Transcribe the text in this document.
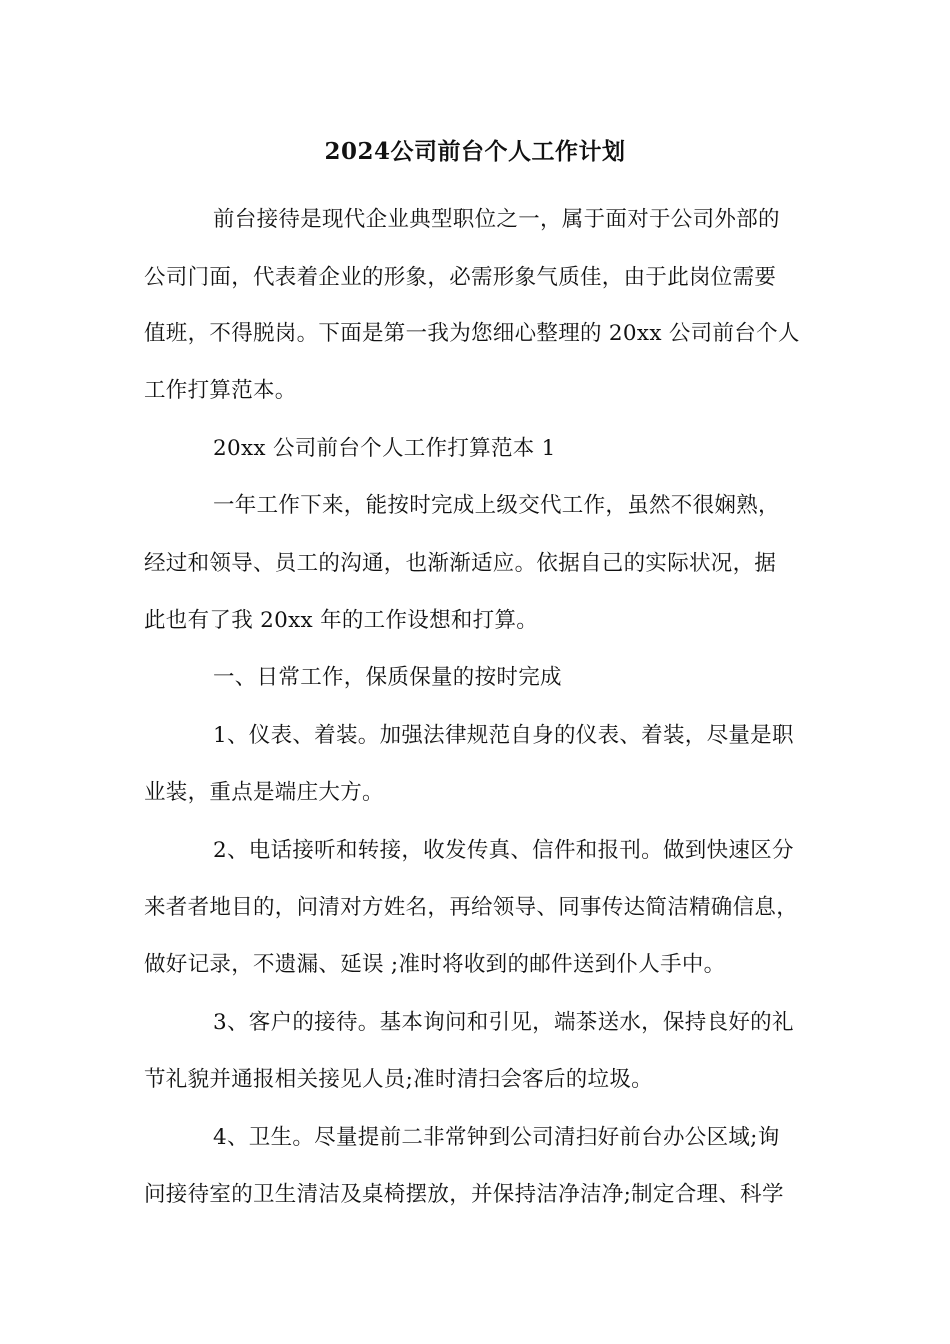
2024公司前台个人工作计划
前台接待是现代企业典型职位之一，属于面对于公司外部的
公司门面，代表着企业的形象，必需形象气质佳，由于此岗位需要
值班，不得脱岗。下面是第一我为您细心整理的 20xx 公司前台个人
工作打算范本。
20xx 公司前台个人工作打算范本 1
一年工作下来，能按时完成上级交代工作，虽然不很娴熟，
经过和领导、员工的沟通，也渐渐适应。依据自己的实际状况，据
此也有了我 20xx 年的工作设想和打算。
一、日常工作，保质保量的按时完成
1、仪表、着装。加强法律规范自身的仪表、着装，尽量是职
业装，重点是端庄大方。
2、电话接听和转接，收发传真、信件和报刊。做到快速区分
来者者地目的，问清对方姓名，再给领导、同事传达简洁精确信息，
做好记录，不遗漏、延误 ;准时将收到的邮件送到仆人手中。
3、客户的接待。基本询问和引见，端茶送水，保持良好的礼
节礼貌并通报相关接见人员;准时清扫会客后的垃圾。
4、卫生。尽量提前二非常钟到公司清扫好前台办公区域;询
问接待室的卫生清洁及桌椅摆放，并保持洁净洁净;制定合理、科学
